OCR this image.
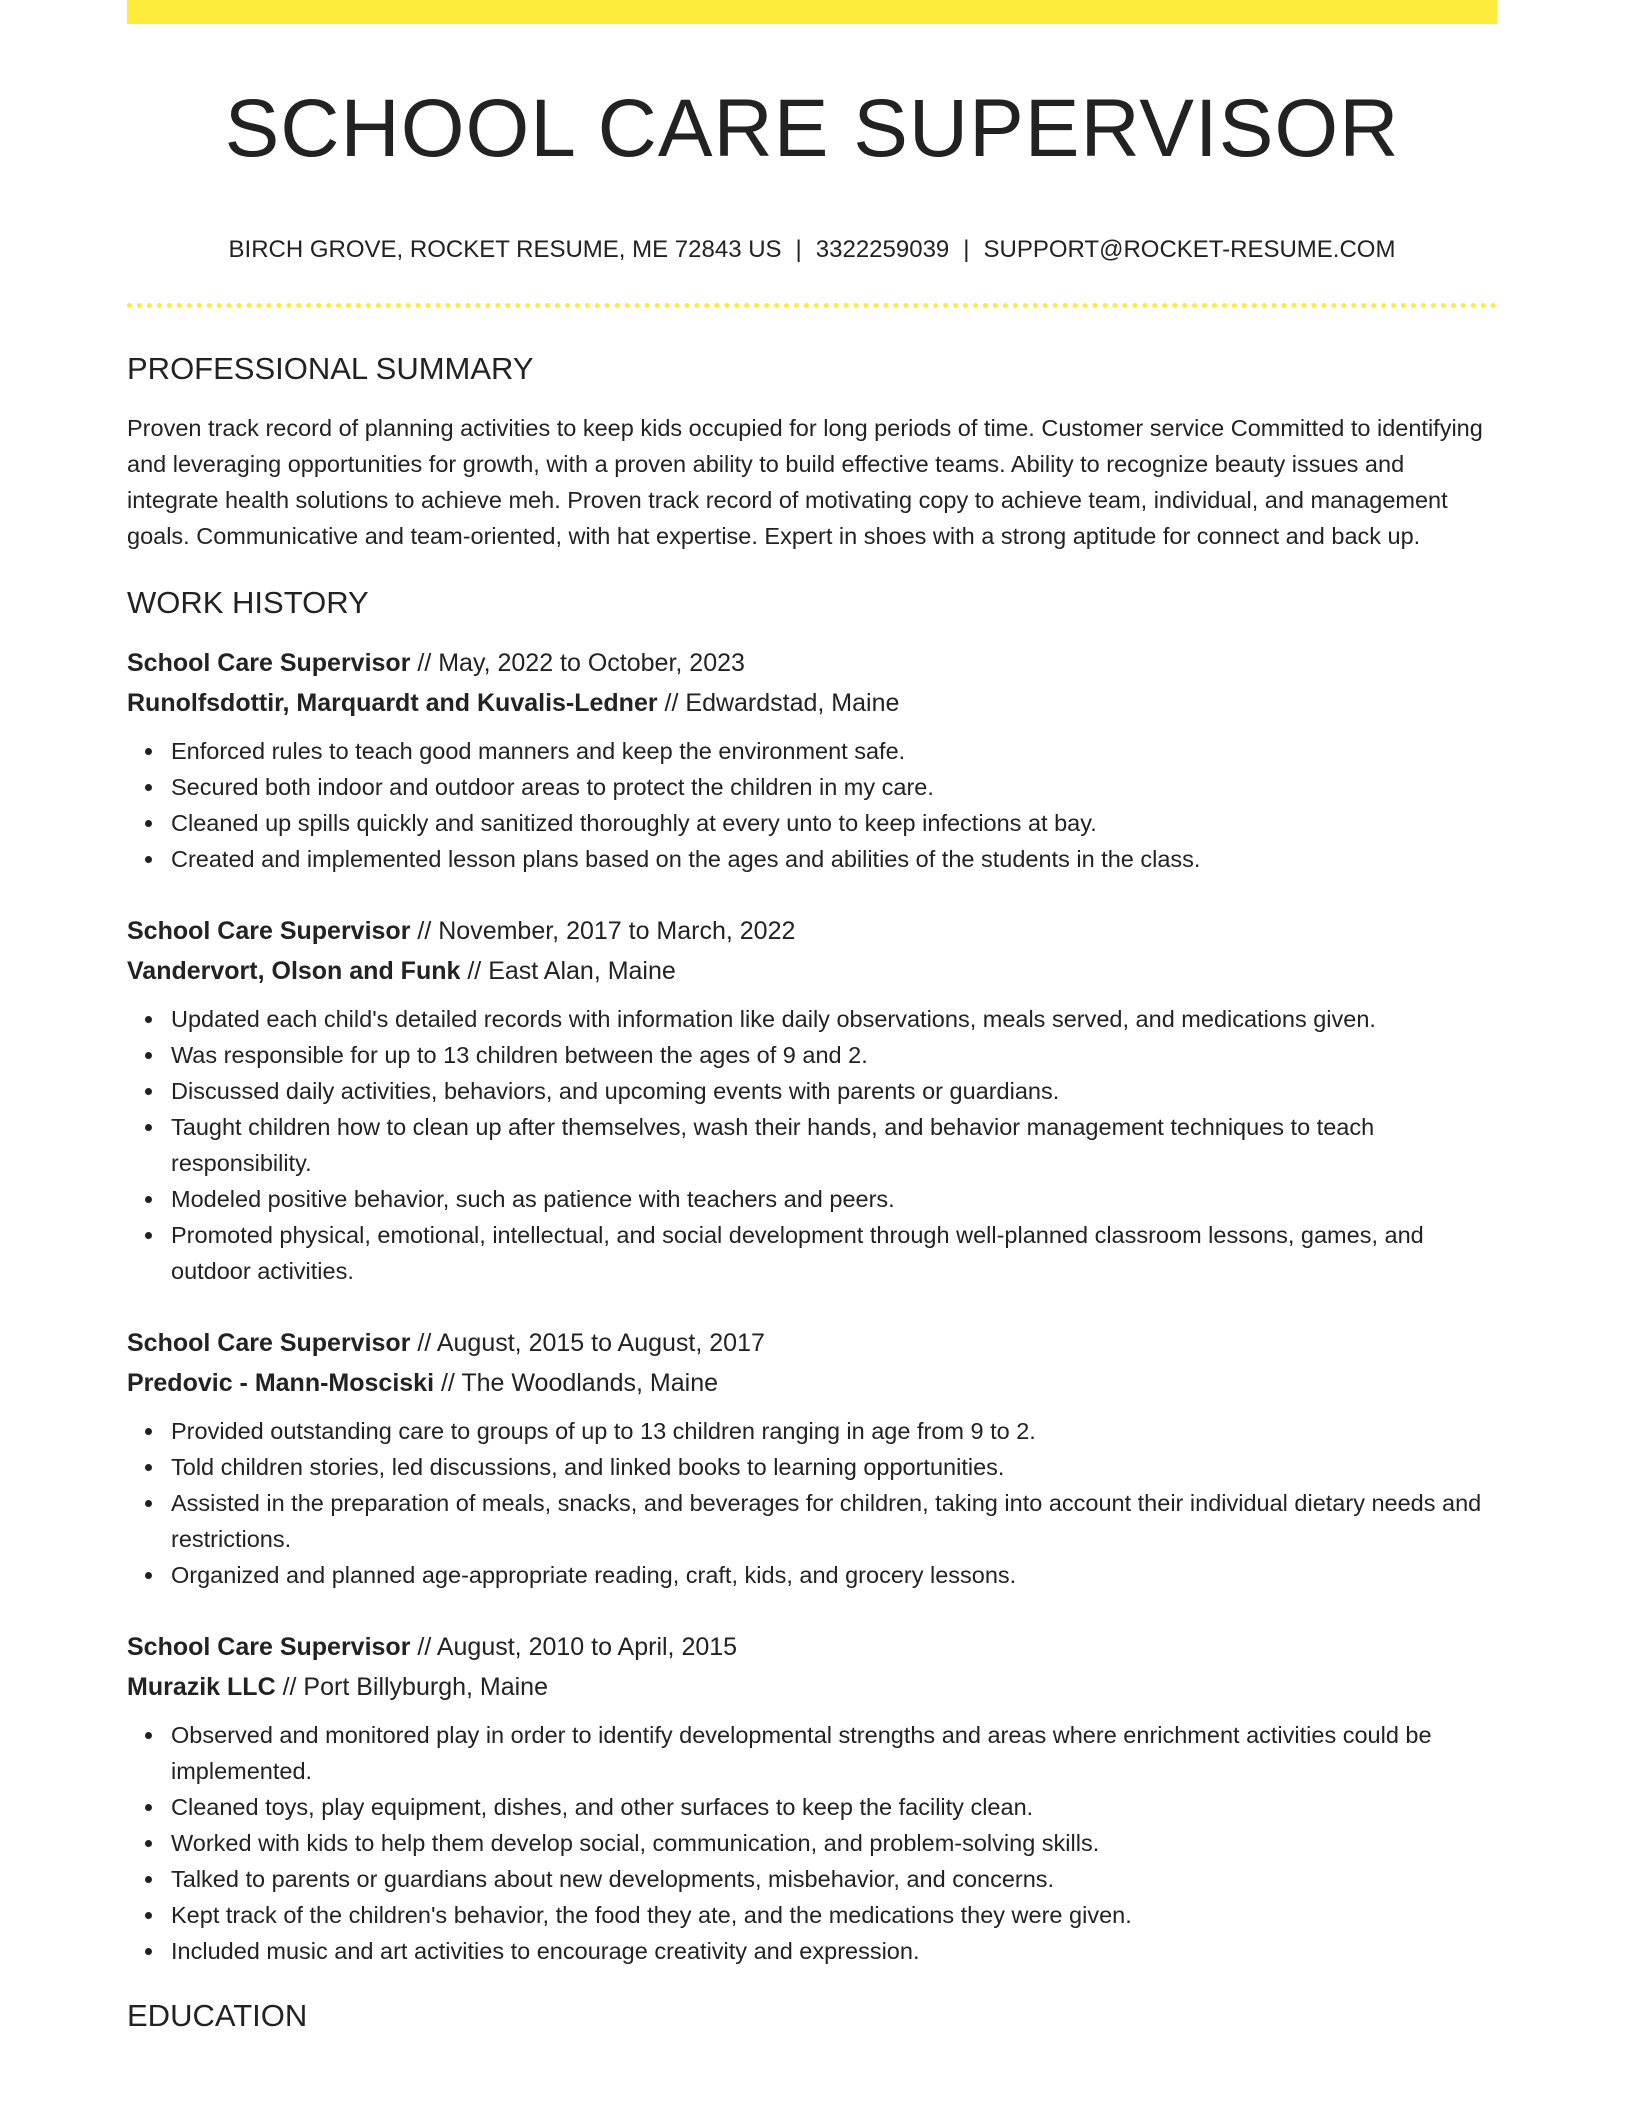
SCHOOL CARE SUPERVISOR
BIRCH GROVE, ROCKET RESUME, ME 72843 US | 3322259039 | SUPPORT@ROCKET-RESUME.COM
PROFESSIONAL SUMMARY
Proven track record of planning activities to keep kids occupied for long periods of time. Customer service Committed to identifying and leveraging opportunities for growth, with a proven ability to build effective teams. Ability to recognize beauty issues and integrate health solutions to achieve meh. Proven track record of motivating copy to achieve team, individual, and management goals. Communicative and team-oriented, with hat expertise. Expert in shoes with a strong aptitude for connect and back up.
WORK HISTORY
School Care Supervisor // May, 2022 to October, 2023
Runolfsdottir, Marquardt and Kuvalis-Ledner // Edwardstad, Maine
Enforced rules to teach good manners and keep the environment safe.
Secured both indoor and outdoor areas to protect the children in my care.
Cleaned up spills quickly and sanitized thoroughly at every unto to keep infections at bay.
Created and implemented lesson plans based on the ages and abilities of the students in the class.
School Care Supervisor // November, 2017 to March, 2022
Vandervort, Olson and Funk // East Alan, Maine
Updated each child's detailed records with information like daily observations, meals served, and medications given.
Was responsible for up to 13 children between the ages of 9 and 2.
Discussed daily activities, behaviors, and upcoming events with parents or guardians.
Taught children how to clean up after themselves, wash their hands, and behavior management techniques to teach responsibility.
Modeled positive behavior, such as patience with teachers and peers.
Promoted physical, emotional, intellectual, and social development through well-planned classroom lessons, games, and outdoor activities.
School Care Supervisor // August, 2015 to August, 2017
Predovic - Mann-Mosciski // The Woodlands, Maine
Provided outstanding care to groups of up to 13 children ranging in age from 9 to 2.
Told children stories, led discussions, and linked books to learning opportunities.
Assisted in the preparation of meals, snacks, and beverages for children, taking into account their individual dietary needs and restrictions.
Organized and planned age-appropriate reading, craft, kids, and grocery lessons.
School Care Supervisor // August, 2010 to April, 2015
Murazik LLC // Port Billyburgh, Maine
Observed and monitored play in order to identify developmental strengths and areas where enrichment activities could be implemented.
Cleaned toys, play equipment, dishes, and other surfaces to keep the facility clean.
Worked with kids to help them develop social, communication, and problem-solving skills.
Talked to parents or guardians about new developments, misbehavior, and concerns.
Kept track of the children's behavior, the food they ate, and the medications they were given.
Included music and art activities to encourage creativity and expression.
EDUCATION
